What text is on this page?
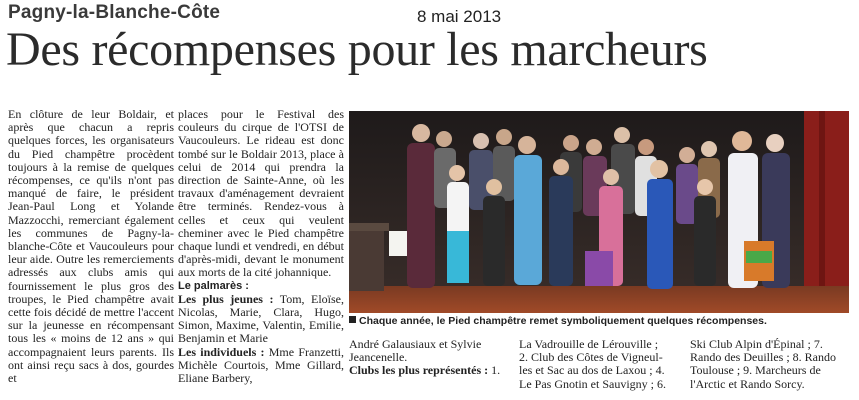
Pagny-la-Blanche-Côte	8 mai 2013
Des récompenses pour les marcheurs

En clôture de leur Boldair, et après que chacun a repris quelques forces, les organisateurs du Pied champêtre procèdent toujours à la remise de quelques récompenses, ce qu'ils n'ont pas manqué de faire, le président Jean-Paul Long et Yolande Mazzocchi, remerciant également les communes de Pagny-la-blanche-Côte et Vaucouleurs pour leur aide. Outre les remerciements adressés aux clubs amis qui fournissement le plus gros des troupes, le Pied champêtre avait cette fois décidé de mettre l'accent sur la jeunesse en récompensant tous les « moins de 12 ans » qui accompagnaient leurs parents. Ils ont ainsi reçu sacs à dos, gourdes et

places pour le Festival des couleurs du cirque de l'OTSI de Vaucouleurs. Le rideau est donc tombé sur le Boldair 2013, place à celui de 2014 qui prendra la direction de Sainte-Anne, où les travaux d'aménagement devraient être terminés. Rendez-vous à celles et ceux qui veulent cheminer avec le Pied champêtre chaque lundi et vendredi, en début d'après-midi, devant le monument aux morts de la cité johannique.

Le palmarès :

Les plus jeunes : Tom, Eloïse, Nicolas, Marie, Clara, Hugo, Simon, Maxime, Valentin, Emilie, Benjamin et Marie

Les individuels : Mme Franzetti, Michèle Courtois, Mme Gillard, Eliane Barbery,

Chaque année, le Pied champêtre remet symboliquement quelques récompenses.
André Galausiaux et Sylvie
Jeancenelle.
Clubs les plus représentés : 1.
La Vadrouille de Lérouville ;
2. Club des Côtes de Vigneul-
les et Sac au dos de Laxou ; 4.
Le Pas Gnotin et Sauvigny ; 6.
Ski Club Alpin d'Épinal ; 7.
Rando des Deuilles ; 8. Rando
Toulouse ; 9. Marcheurs de
l'Arctic et Rando Sorcy.
